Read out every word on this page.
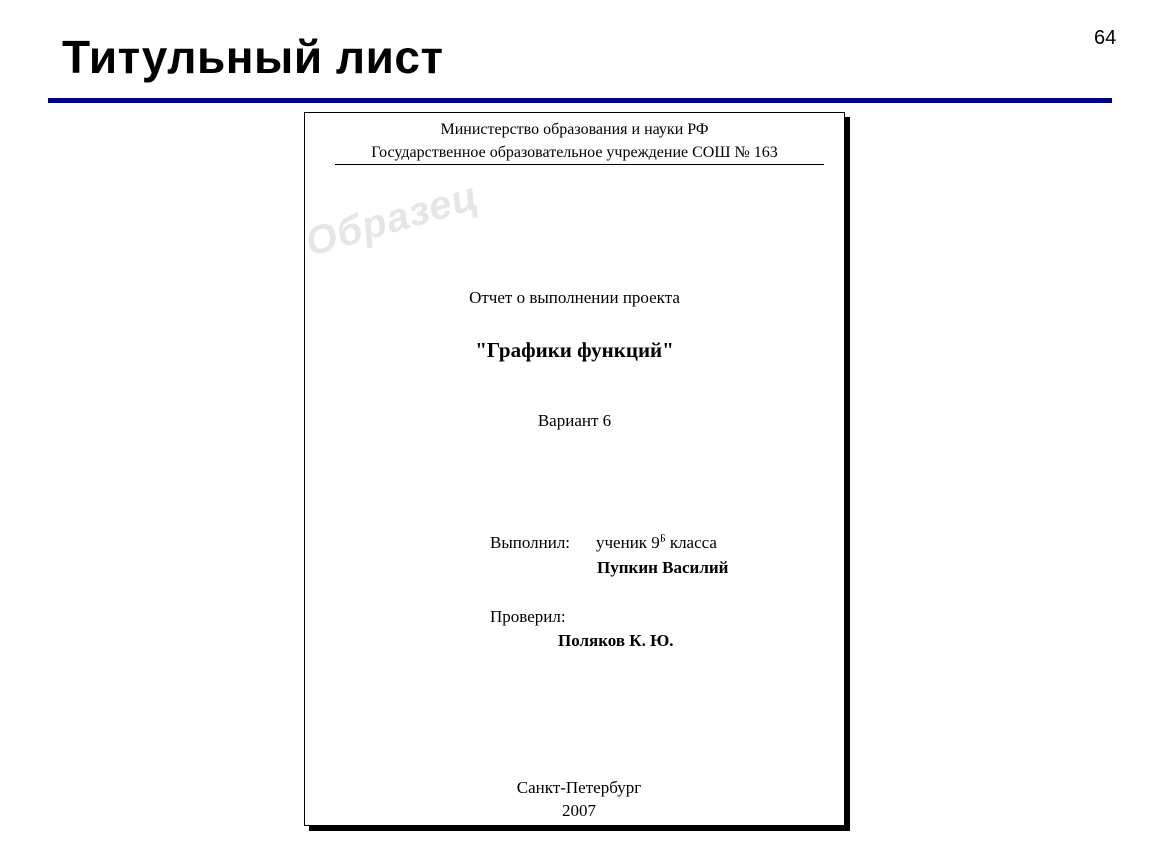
Титульный лист	64
Министерство образования и науки РФ
Государственное образовательное учреждение СОШ № 163
Образец
Отчет о выполнении проекта
"Графики функций"
Вариант 6
Выполнил: ученик $9^Б$ класса
Пупкин Василий
Проверил:
Поляков К. Ю.
Санкт-Петербург
2007
